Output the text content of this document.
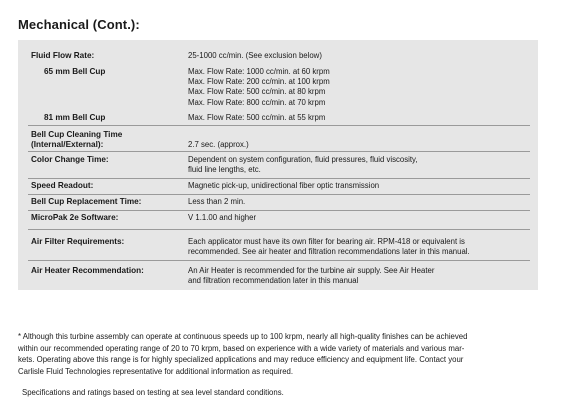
Mechanical (Cont.):
Fluid Flow Rate:	25-1000 cc/min. (See exclusion below)
65 mm Bell Cup	Max. Flow Rate: 1000 cc/min. at 60 krpm
Max. Flow Rate: 200 cc/min. at 100 krpm
Max. Flow Rate: 500 cc/min. at 80 krpm
Max. Flow Rate: 800 cc/min. at 70 krpm
81 mm Bell Cup	Max. Flow Rate: 500 cc/min. at 55 krpm
Bell Cup Cleaning Time
(Internal/External):	2.7 sec. (approx.)
Color Change Time:	Dependent on system configuration, fluid pressures, fluid viscosity,
fluid line lengths, etc.
Speed Readout:	Magnetic pick-up, unidirectional fiber optic transmission
Bell Cup Replacement Time:	Less than 2 min.
MicroPak 2e Software:	V 1.1.00 and higher
Air Filter Requirements:	Each applicator must have its own filter for bearing air. RPM-418 or equivalent is
recommended. See air heater and filtration recommendations later in this manual.
Air Heater Recommendation:	An Air Heater is recommended for the turbine air supply. See Air Heater
and filtration recommendation later in this manual
* Although this turbine assembly can operate at continuous speeds up to 100 krpm, nearly all high-quality finishes can be achieved
within our recommended operating range of 20 to 70 krpm, based on experience with a wide variety of materials and various mar-
kets. Operating above this range is for highly specialized applications and may reduce efficiency and equipment life. Contact your
Carlisle Fluid Technologies representative for additional information as required.
Specifications and ratings based on testing at sea level standard conditions.
